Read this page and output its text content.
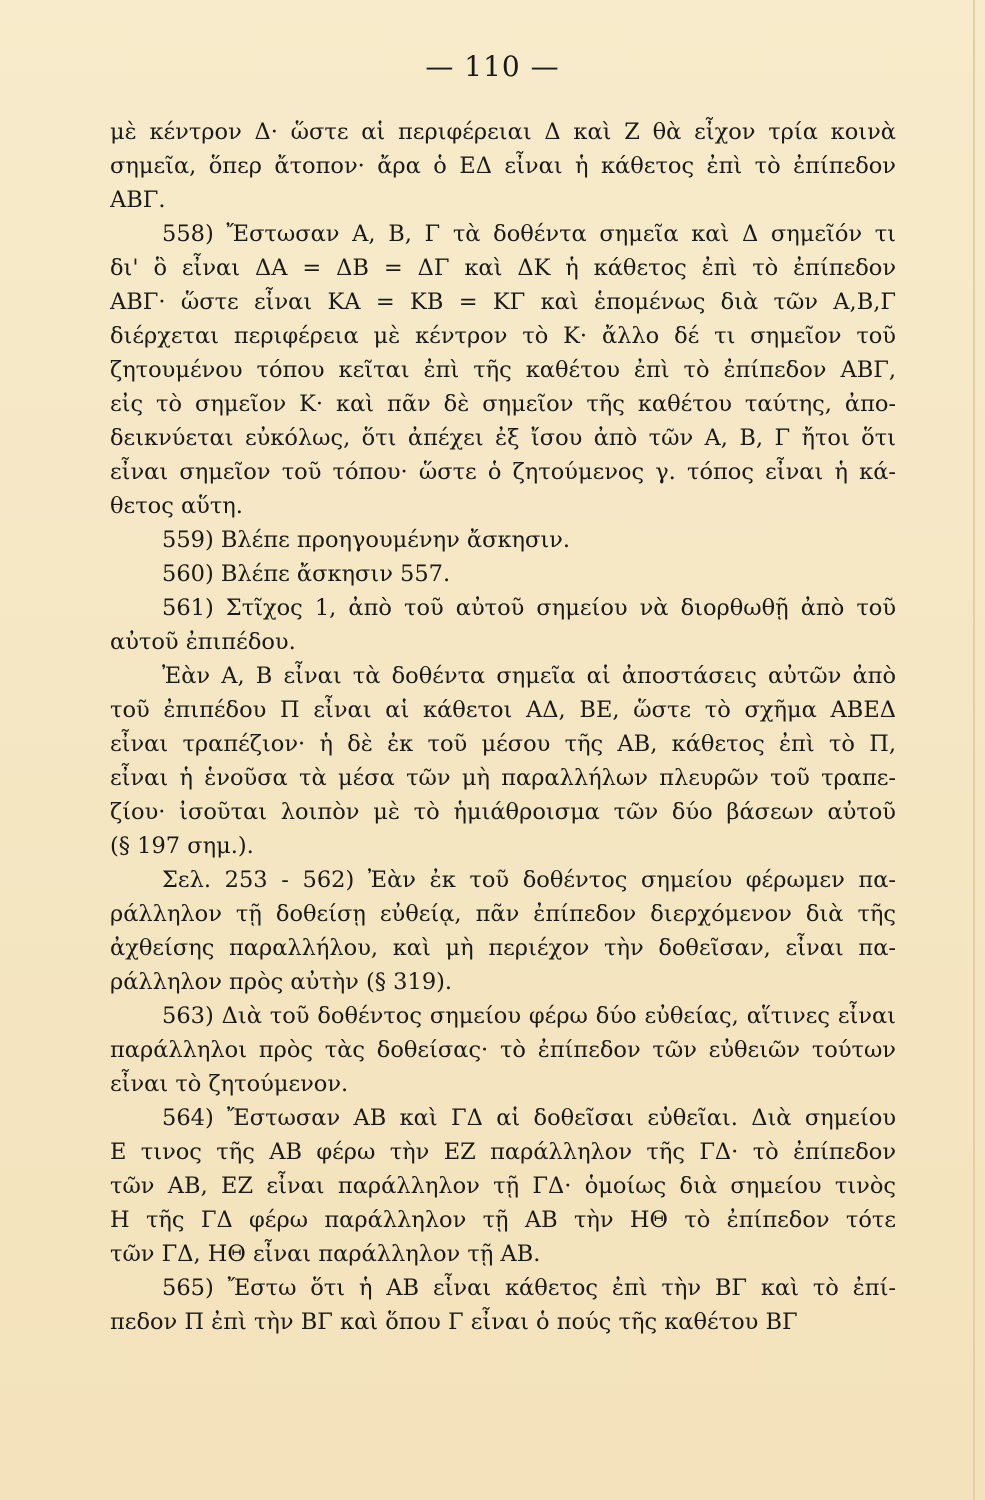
— 110 —
μὲ κέντρον Δ· ὥστε αἱ περιφέρειαι Δ καὶ Ζ θὰ εἶχον τρία κοινὰ
σημεῖα, ὅπερ ἄτοπον· ἄρα ὁ ΕΔ εἶναι ἡ κάθετος ἐπὶ τὸ ἐπίπεδον
ΑΒΓ.
558) Ἔστωσαν Α, Β, Γ τὰ δοθέντα σημεῖα καὶ Δ σημεῖόν τι
δι' ὃ εἶναι ΔΑ = ΔΒ = ΔΓ καὶ ΔΚ ἡ κάθετος ἐπὶ τὸ ἐπίπεδον
ΑΒΓ· ὥστε εἶναι ΚΑ = ΚΒ = ΚΓ καὶ ἑπομένως διὰ τῶν Α,Β,Γ
διέρχεται περιφέρεια μὲ κέντρον τὸ Κ· ἄλλο δέ τι σημεῖον τοῦ
ζητουμένου τόπου κεῖται ἐπὶ τῆς καθέτου ἐπὶ τὸ ἐπίπεδον ΑΒΓ,
εἰς τὸ σημεῖον Κ· καὶ πᾶν δὲ σημεῖον τῆς καθέτου ταύτης, ἀπο-
δεικνύεται εὐκόλως, ὅτι ἀπέχει ἐξ ἴσου ἀπὸ τῶν Α, Β, Γ ἤτοι ὅτι
εἶναι σημεῖον τοῦ τόπου· ὥστε ὁ ζητούμενος γ. τόπος εἶναι ἡ κά-
θετος αὕτη.
559) Βλέπε προηγουμένην ἄσκησιν.
560) Βλέπε ἄσκησιν 557.
561) Στῖχος 1, ἀπὸ τοῦ αὐτοῦ σημείου νὰ διορθωθῇ ἀπὸ τοῦ
αὐτοῦ ἐπιπέδου.
Ἐὰν Α, Β εἶναι τὰ δοθέντα σημεῖα αἱ ἀποστάσεις αὐτῶν ἀπὸ
τοῦ ἐπιπέδου Π εἶναι αἱ κάθετοι ΑΔ, ΒΕ, ὥστε τὸ σχῆμα ΑΒΕΔ
εἶναι τραπέζιον· ἡ δὲ ἐκ τοῦ μέσου τῆς ΑΒ, κάθετος ἐπὶ τὸ Π,
εἶναι ἡ ἑνοῦσα τὰ μέσα τῶν μὴ παραλλήλων πλευρῶν τοῦ τραπε-
ζίου· ἰσοῦται λοιπὸν μὲ τὸ ἡμιάθροισμα τῶν δύο βάσεων αὐτοῦ
(§ 197 σημ.).
Σελ. 253 - 562) Ἐὰν ἐκ τοῦ δοθέντος σημείου φέρωμεν πα-
ράλληλον τῇ δοθείσῃ εὐθείᾳ, πᾶν ἐπίπεδον διερχόμενον διὰ τῆς
ἀχθείσης παραλλήλου, καὶ μὴ περιέχον τὴν δοθεῖσαν, εἶναι πα-
ράλληλον πρὸς αὐτὴν (§ 319).
563) Διὰ τοῦ δοθέντος σημείου φέρω δύο εὐθείας, αἵτινες εἶναι
παράλληλοι πρὸς τὰς δοθείσας· τὸ ἐπίπεδον τῶν εὐθειῶν τούτων
εἶναι τὸ ζητούμενον.
564) Ἔστωσαν ΑΒ καὶ ΓΔ αἱ δοθεῖσαι εὐθεῖαι. Διὰ σημείου
Ε τινος τῆς ΑΒ φέρω τὴν ΕΖ παράλληλον τῆς ΓΔ· τὸ ἐπίπεδον
τῶν ΑΒ, ΕΖ εἶναι παράλληλον τῇ ΓΔ· ὁμοίως διὰ σημείου τινὸς
Η τῆς ΓΔ φέρω παράλληλον τῇ ΑΒ τὴν ΗΘ τὸ ἐπίπεδον τότε
τῶν ΓΔ, ΗΘ εἶναι παράλληλον τῇ ΑΒ.
565) Ἔστω ὅτι ἡ ΑΒ εἶναι κάθετος ἐπὶ τὴν ΒΓ καὶ τὸ ἐπί-
πεδον Π ἐπὶ τὴν ΒΓ καὶ ὅπου Γ εἶναι ὁ πούς τῆς καθέτου ΒΓ
